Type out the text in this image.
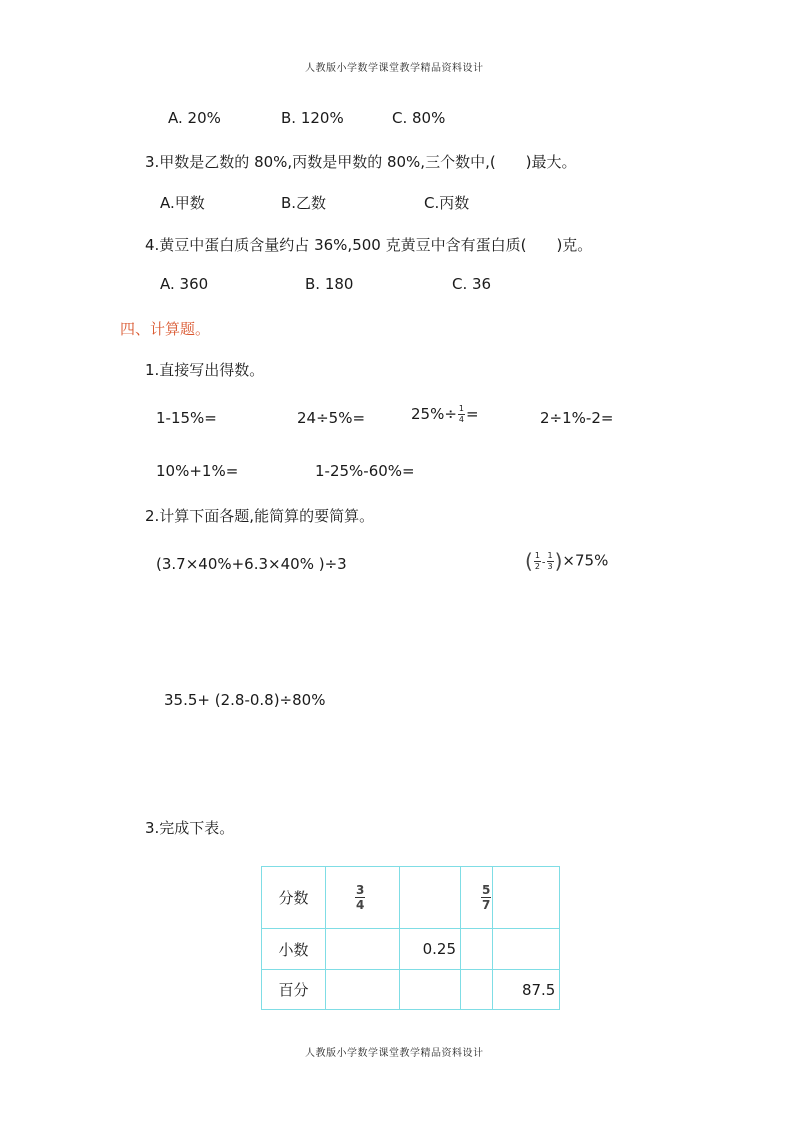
人教版小学数学课堂教学精品资料设计
A. 20%	B. 120%	C. 80%
3.甲数是乙数的 80%,丙数是甲数的 80%,三个数中,(　　)最大。
A.甲数	B.乙数	C.丙数
4.黄豆中蛋白质含量约占 36%,500 克黄豆中含有蛋白质(　　)克。
A. 360	B. 180	C. 36
四、计算题。
1.直接写出得数。
1-15%=	24÷5%=	$25\%\div \frac{1}{4}$ =	2÷1%-2=
10%+1%=	1-25%-60%=
2.计算下面各题,能简算的要简算。
(3.7×40%+6.3×40% )÷3	( $\frac{1}{2} - \frac{1}{3} )\times 75\%$
35.5+ (2.8-0.8)÷80%
3.完成下表。
分数	$\frac{3}{4}$		$\frac{5}{7}$

小数		0.25		
百分				87.5
人教版小学数学课堂教学精品资料设计
